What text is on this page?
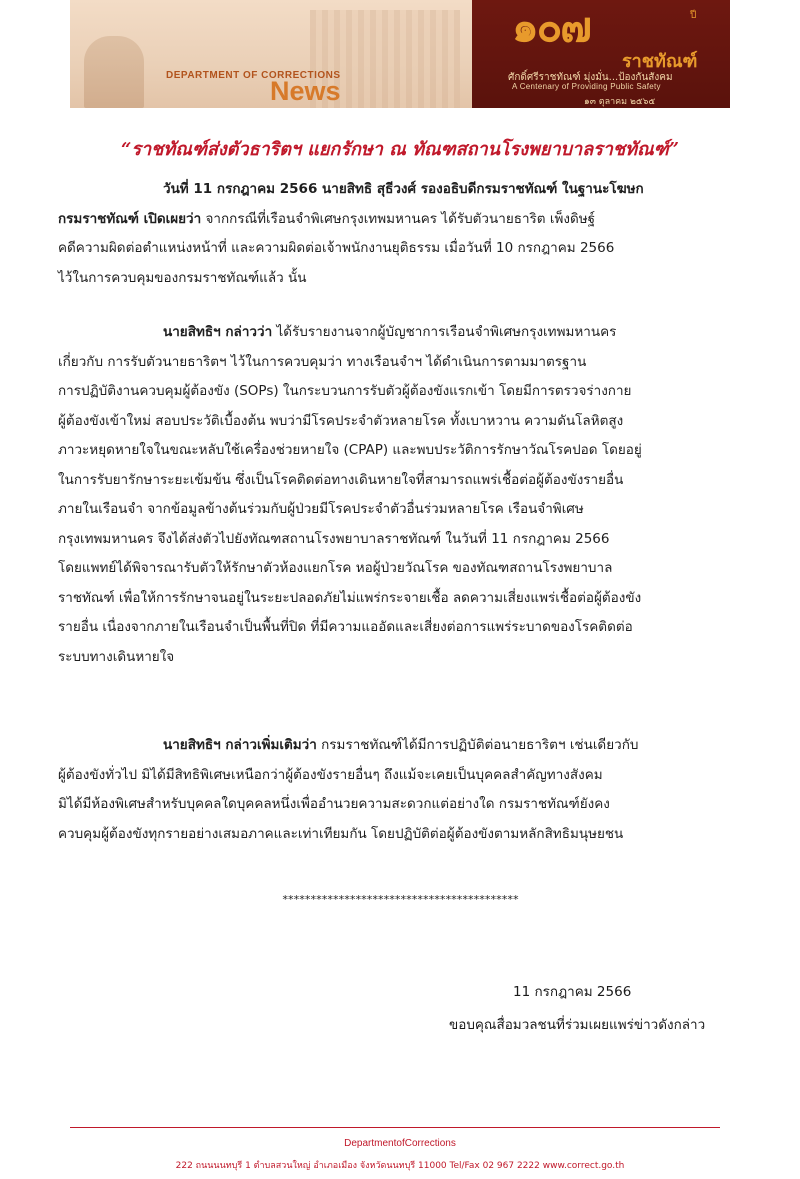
DEPARTMENT OF CORRECTIONS
News
๑๐๗	ปี
ราชทัณฑ์
ศักดิ์ศรีราชทัณฑ์ มุ่งมั่น...ป้องกันสังคม
A Centenary of Providing Public Safety
๑๓ ตุลาคม ๒๕๖๕
“ราชทัณฑ์ส่งตัวธาริตฯ แยกรักษา ณ ทัณฑสถานโรงพยาบาลราชทัณฑ์”
วันที่ 11 กรกฎาคม 2566 นายสิทธิ สุธีวงศ์ รองอธิบดีกรมราชทัณฑ์ ในฐานะโฆษก
กรมราชทัณฑ์ เปิดเผยว่า จากกรณีที่เรือนจำพิเศษกรุงเทพมหานคร ได้รับตัวนายธาริต เพ็งดิษฐ์
คดีความผิดต่อตำแหน่งหน้าที่ และความผิดต่อเจ้าพนักงานยุติธรรม เมื่อวันที่ 10 กรกฎาคม 2566
ไว้ในการควบคุมของกรมราชทัณฑ์แล้ว นั้น
นายสิทธิฯ กล่าวว่า ได้รับรายงานจากผู้บัญชาการเรือนจำพิเศษกรุงเทพมหานคร
เกี่ยวกับ การรับตัวนายธาริตฯ ไว้ในการควบคุมว่า ทางเรือนจำฯ ได้ดำเนินการตามมาตรฐาน
การปฏิบัติงานควบคุมผู้ต้องขัง (SOPs) ในกระบวนการรับตัวผู้ต้องขังแรกเข้า โดยมีการตรวจร่างกาย
ผู้ต้องขังเข้าใหม่ สอบประวัติเบื้องต้น พบว่ามีโรคประจำตัวหลายโรค ทั้งเบาหวาน ความดันโลหิตสูง
ภาวะหยุดหายใจในขณะหลับใช้เครื่องช่วยหายใจ (CPAP) และพบประวัติการรักษาวัณโรคปอด โดยอยู่
ในการรับยารักษาระยะเข้มข้น ซึ่งเป็นโรคติดต่อทางเดินหายใจที่สามารถแพร่เชื้อต่อผู้ต้องขังรายอื่น
ภายในเรือนจำ จากข้อมูลข้างต้นร่วมกับผู้ป่วยมีโรคประจำตัวอื่นร่วมหลายโรค เรือนจำพิเศษ
กรุงเทพมหานคร จึงได้ส่งตัวไปยังทัณฑสถานโรงพยาบาลราชทัณฑ์ ในวันที่ 11 กรกฎาคม 2566
โดยแพทย์ได้พิจารณารับตัวให้รักษาตัวห้องแยกโรค หอผู้ป่วยวัณโรค ของทัณฑสถานโรงพยาบาล
ราชทัณฑ์ เพื่อให้การรักษาจนอยู่ในระยะปลอดภัยไม่แพร่กระจายเชื้อ ลดความเสี่ยงแพร่เชื้อต่อผู้ต้องขัง
รายอื่น เนื่องจากภายในเรือนจำเป็นพื้นที่ปิด ที่มีความแออัดและเสี่ยงต่อการแพร่ระบาดของโรคติดต่อ
ระบบทางเดินหายใจ
นายสิทธิฯ กล่าวเพิ่มเติมว่า กรมราชทัณฑ์ได้มีการปฏิบัติต่อนายธาริตฯ เช่นเดียวกับ
ผู้ต้องขังทั่วไป มิได้มีสิทธิพิเศษเหนือกว่าผู้ต้องขังรายอื่นๆ ถึงแม้จะเคยเป็นบุคคลสำคัญทางสังคม
มิได้มีห้องพิเศษสำหรับบุคคลใดบุคคลหนึ่งเพื่ออำนวยความสะดวกแต่อย่างใด กรมราชทัณฑ์ยังคง
ควบคุมผู้ต้องขังทุกรายอย่างเสมอภาคและเท่าเทียมกัน โดยปฏิบัติต่อผู้ต้องขังตามหลักสิทธิมนุษยชน
******************************************
11 กรกฎาคม 2566
ขอบคุณสื่อมวลชนที่ร่วมเผยแพร่ข่าวดังกล่าว
DepartmentofCorrections
222 ถนนนนทบุรี 1 ตำบลสวนใหญ่ อำเภอเมือง จังหวัดนนทบุรี 11000 Tel/Fax 02 967 2222 www.correct.go.th
